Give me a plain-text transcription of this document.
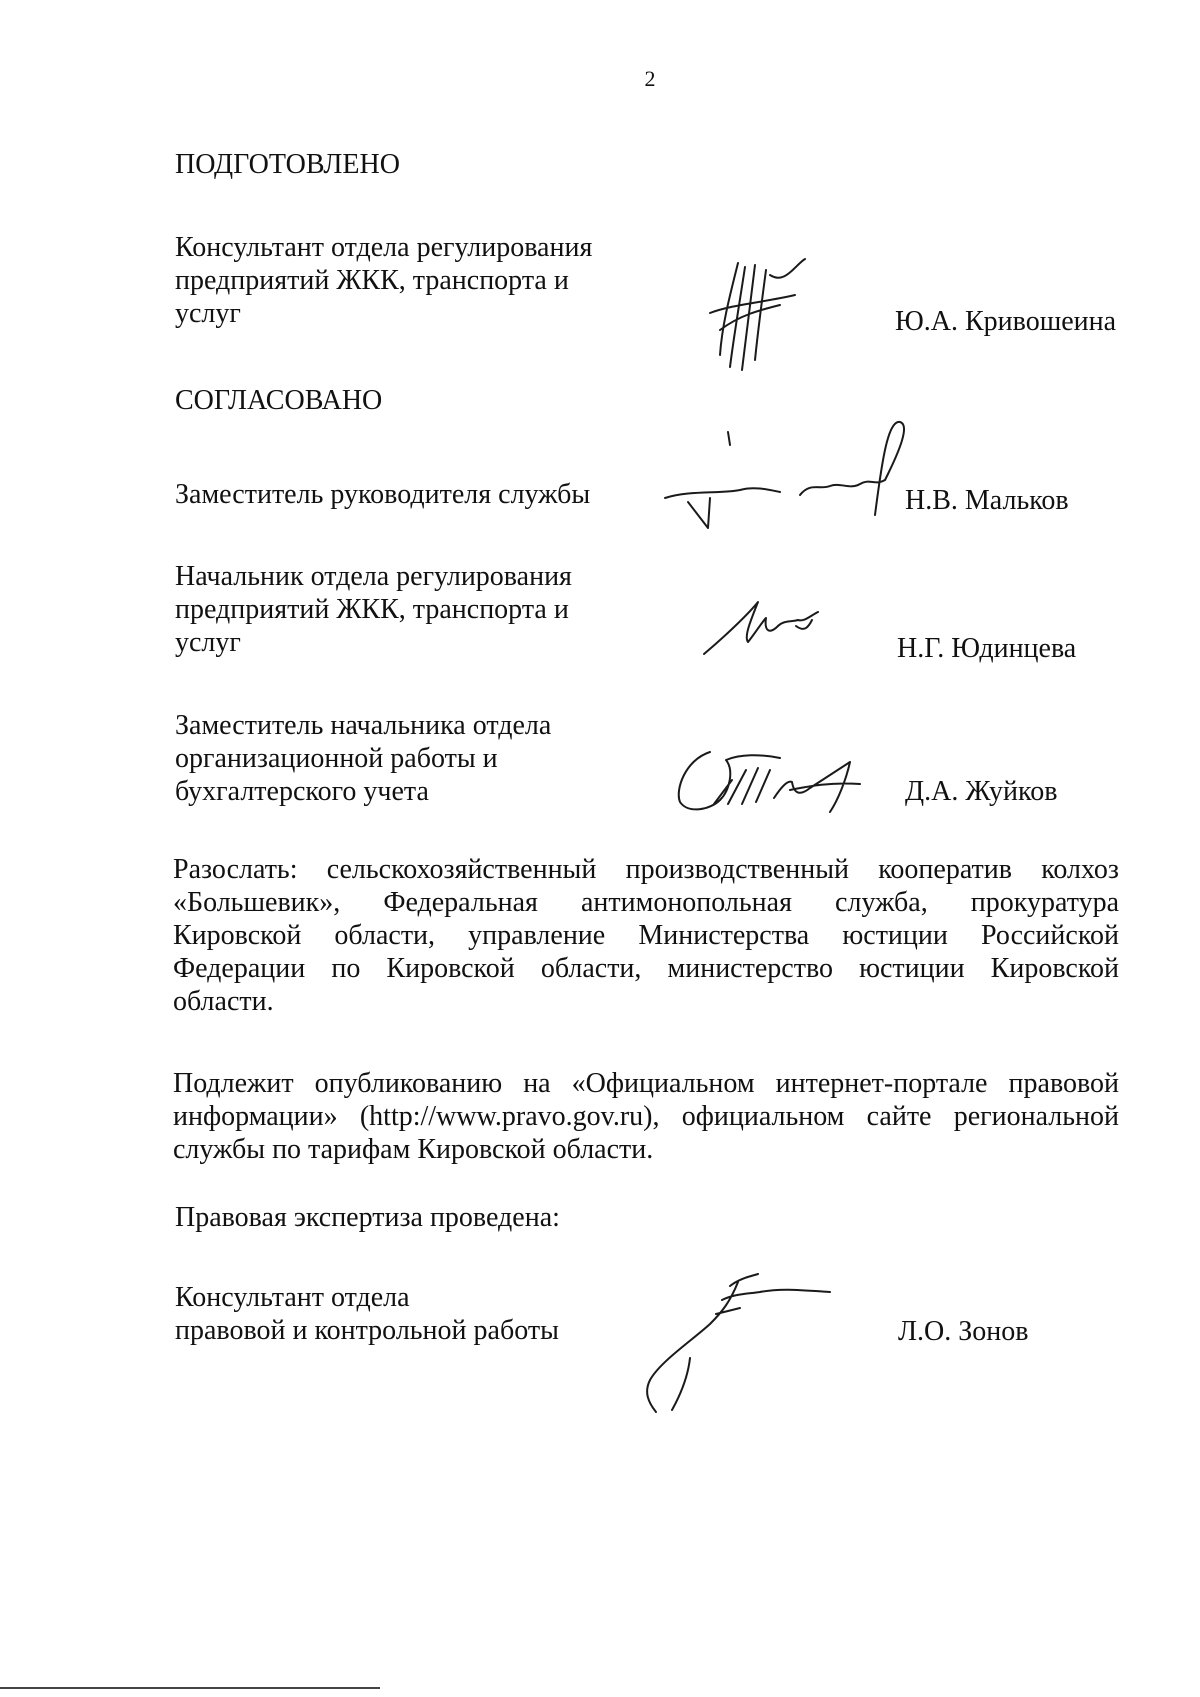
2
ПОДГОТОВЛЕНО
Консультант отдела регулирования
предприятий ЖКК, транспорта и
услуг	Ю.А. Кривошеина
СОГЛАСОВАНО
Заместитель руководителя службы	Н.В. Мальков
Начальник отдела регулирования
предприятий ЖКК, транспорта и
услуг	Н.Г. Юдинцева
Заместитель начальника отдела
организационной работы и
бухгалтерского учета	Д.А. Жуйков
Разослать: сельскохозяйственный производственный кооператив колхоз
«Большевик», Федеральная антимонопольная служба, прокуратура
Кировской области, управление Министерства юстиции Российской
Федерации по Кировской области, министерство юстиции Кировской
области.
Подлежит опубликованию на «Официальном интернет-портале правовой
информации» (http://www.pravo.gov.ru), официальном сайте региональной
службы по тарифам Кировской области.
Правовая экспертиза проведена:
Консультант отдела
правовой и контрольной работы	Л.О. Зонов
